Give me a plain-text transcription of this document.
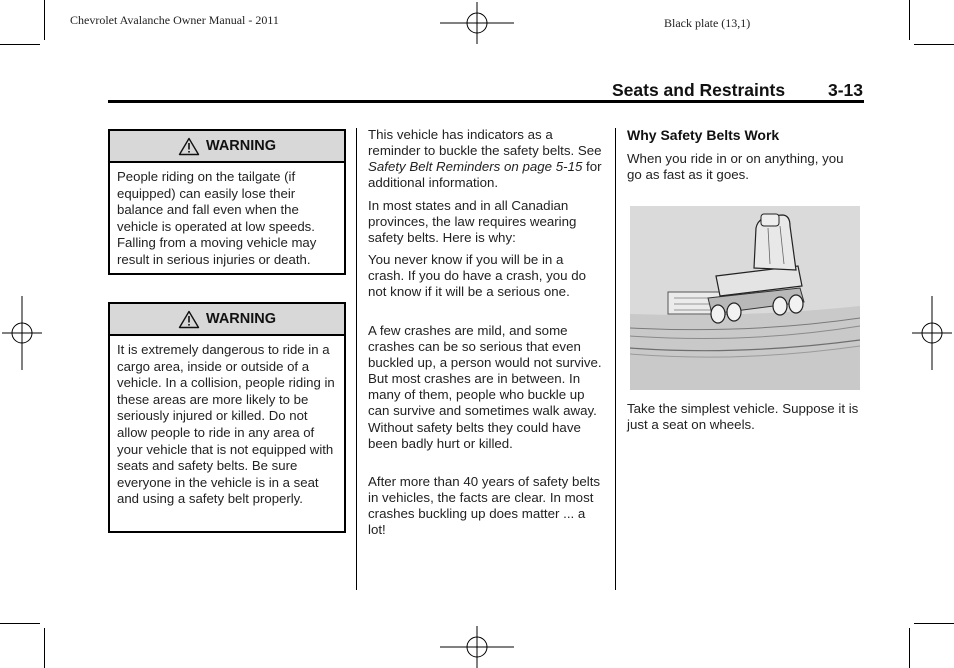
Chevrolet Avalanche Owner Manual - 2011	Black plate (13,1)
Seats and Restraints 3-13
WARNING
People riding on the tailgate (if equipped) can easily lose their balance and fall even when the vehicle is operated at low speeds. Falling from a moving vehicle may result in serious injuries or death.
WARNING
It is extremely dangerous to ride in a cargo area, inside or outside of a vehicle. In a collision, people riding in these areas are more likely to be seriously injured or killed. Do not allow people to ride in any area of your vehicle that is not equipped with seats and safety belts. Be sure everyone in the vehicle is in a seat and using a safety belt properly.
This vehicle has indicators as a reminder to buckle the safety belts. See Safety Belt Reminders on page 5-15 for additional information.
In most states and in all Canadian provinces, the law requires wearing safety belts. Here is why:
You never know if you will be in a crash. If you do have a crash, you do not know if it will be a serious one.
A few crashes are mild, and some crashes can be so serious that even buckled up, a person would not survive. But most crashes are in between. In many of them, people who buckle up can survive and sometimes walk away. Without safety belts they could have been badly hurt or killed.
After more than 40 years of safety belts in vehicles, the facts are clear. In most crashes buckling up does matter ... a lot!
Why Safety Belts Work
When you ride in or on anything, you go as fast as it goes.
Take the simplest vehicle. Suppose it is just a seat on wheels.
